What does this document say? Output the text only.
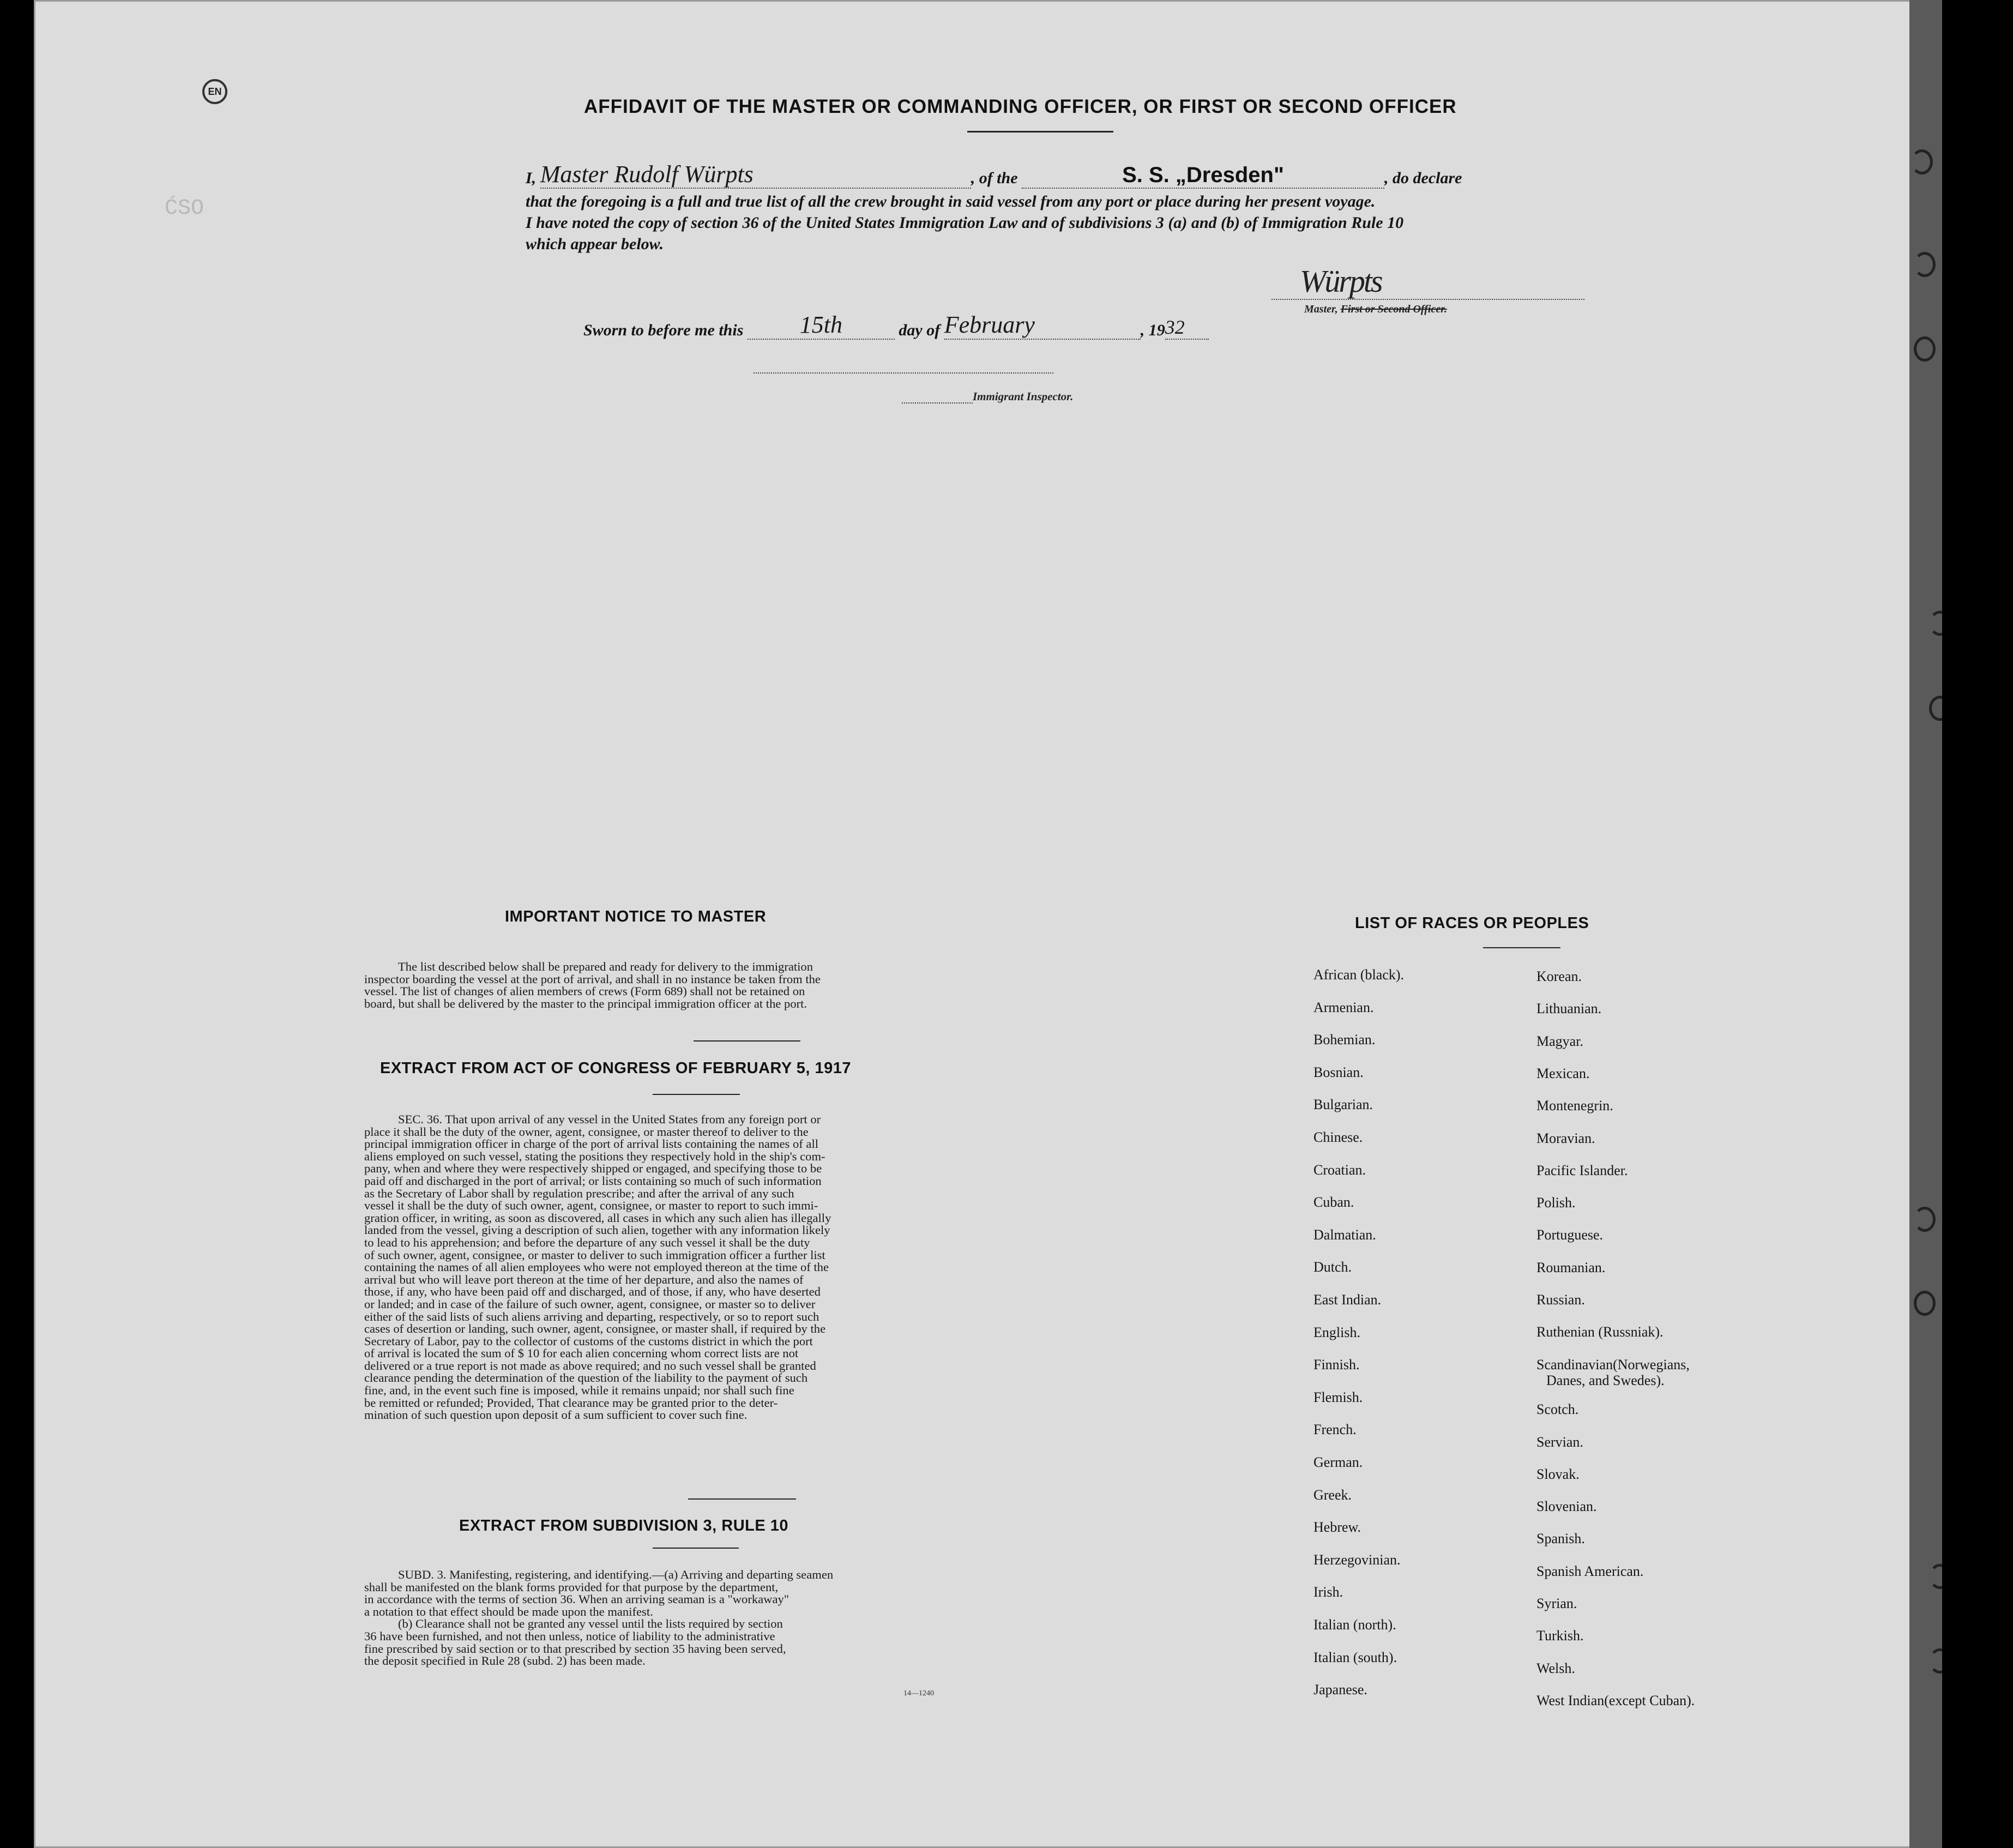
EN
ĆSO
AFFIDAVIT OF THE MASTER OR COMMANDING OFFICER, OR FIRST OR SECOND OFFICER
I, Master Rudolf Würpts	, of the	S. S. „Dresden"	, do declare
that the foregoing is a full and true list of all the crew brought in said vessel from any port or place during her present voyage.
I have noted the copy of section 36 of the United States Immigration Law and of subdivisions 3 (a) and (b) of Immigration Rule 10
which appear below.
Würpts
Master, First or Second Officer.
Sworn to before me this 15th	day of February	, 1932
Immigrant Inspector.
IMPORTANT NOTICE TO MASTER
The list described below shall be prepared and ready for delivery to the immigration
inspector boarding the vessel at the port of arrival, and shall in no instance be taken from the
vessel. The list of changes of alien members of crews (Form 689) shall not be retained on
board, but shall be delivered by the master to the principal immigration officer at the port.
EXTRACT FROM ACT OF CONGRESS OF FEBRUARY 5, 1917
SEC. 36. That upon arrival of any vessel in the United States from any foreign port or
place it shall be the duty of the owner, agent, consignee, or master thereof to deliver to the
principal immigration officer in charge of the port of arrival lists containing the names of all
aliens employed on such vessel, stating the positions they respectively hold in the ship's com-
pany, when and where they were respectively shipped or engaged, and specifying those to be
paid off and discharged in the port of arrival; or lists containing so much of such information
as the Secretary of Labor shall by regulation prescribe; and after the arrival of any such
vessel it shall be the duty of such owner, agent, consignee, or master to report to such immi-
gration officer, in writing, as soon as discovered, all cases in which any such alien has illegally
landed from the vessel, giving a description of such alien, together with any information likely
to lead to his apprehension; and before the departure of any such vessel it shall be the duty
of such owner, agent, consignee, or master to deliver to such immigration officer a further list
containing the names of all alien employees who were not employed thereon at the time of the
arrival but who will leave port thereon at the time of her departure, and also the names of
those, if any, who have been paid off and discharged, and of those, if any, who have deserted
or landed; and in case of the failure of such owner, agent, consignee, or master so to deliver
either of the said lists of such aliens arriving and departing, respectively, or so to report such
cases of desertion or landing, such owner, agent, consignee, or master shall, if required by the
Secretary of Labor, pay to the collector of customs of the customs district in which the port
of arrival is located the sum of $ 10 for each alien concerning whom correct lists are not
delivered or a true report is not made as above required; and no such vessel shall be granted
clearance pending the determination of the question of the liability to the payment of such
fine, and, in the event such fine is imposed, while it remains unpaid; nor shall such fine
be remitted or refunded; Provided, That clearance may be granted prior to the deter-
mination of such question upon deposit of a sum sufficient to cover such fine.
EXTRACT FROM SUBDIVISION 3, RULE 10
SUBD. 3. Manifesting, registering, and identifying.—(a) Arriving and departing seamen
shall be manifested on the blank forms provided for that purpose by the department,
in accordance with the terms of section 36. When an arriving seaman is a "workaway"
a notation to that effect should be made upon the manifest.
(b) Clearance shall not be granted any vessel until the lists required by section
36 have been furnished, and not then unless, notice of liability to the administrative
fine prescribed by said section or to that prescribed by section 35 having been served,
the deposit specified in Rule 28 (subd. 2) has been made.
14—1240
LIST OF RACES OR PEOPLES
African (black).
Armenian.
Bohemian.
Bosnian.
Bulgarian.
Chinese.
Croatian.
Cuban.
Dalmatian.
Dutch.
East Indian.
English.
Finnish.
Flemish.
French.
German.
Greek.
Hebrew.
Herzegovinian.
Irish.
Italian (north).
Italian (south).
Japanese.
Korean.
Lithuanian.
Magyar.
Mexican.
Montenegrin.
Moravian.
Pacific Islander.
Polish.
Portuguese.
Roumanian.
Russian.
Ruthenian (Russniak).
Scandinavian(Norwegians,
Danes, and Swedes).
Scotch.
Servian.
Slovak.
Slovenian.
Spanish.
Spanish American.
Syrian.
Turkish.
Welsh.
West Indian(except Cuban).
